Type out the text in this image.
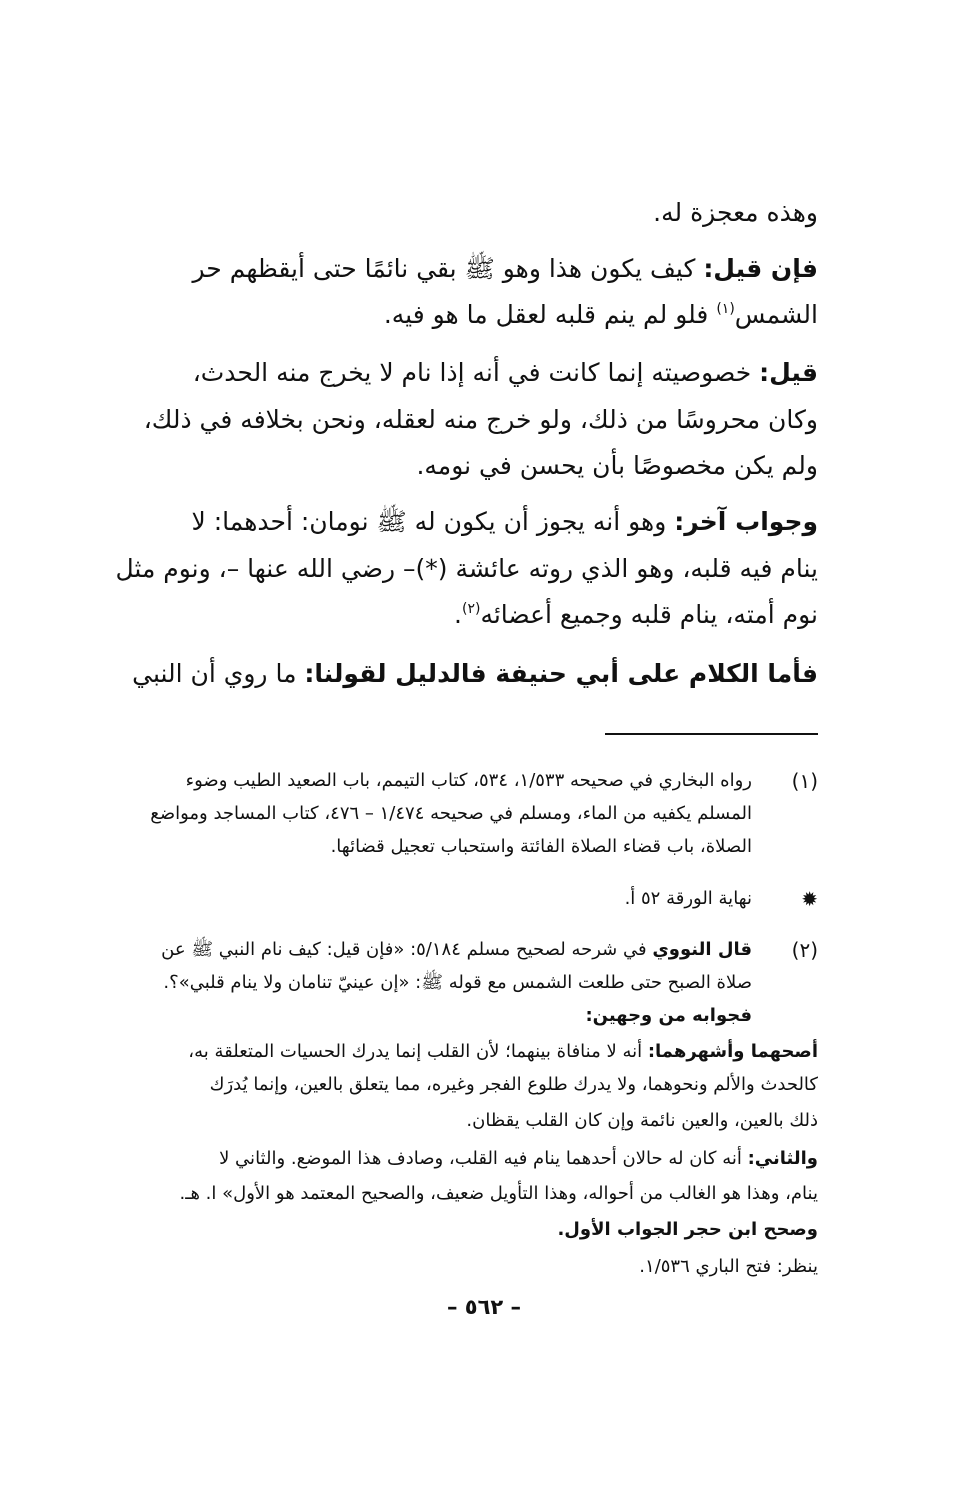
وهذه معجزة له.
فإن قيل: كيف يكون هذا وهو ﷺ بقي نائمًا حتى أيقظهم حر
الشمس$^{(١)}$ فلو لم ينم قلبه لعقل ما هو فيه.
قيل: خصوصيته إنما كانت في أنه إذا نام لا يخرج منه الحدث،
وكان محروسًا من ذلك، ولو خرج منه لعقله، ونحن بخلافه في ذلك،
ولم يكن مخصوصًا بأن يحسن في نومه.
وجواب آخر: وهو أنه يجوز أن يكون له ﷺ نومان: أحدهما: لا
ينام فيه قلبه، وهو الذي روته عائشة (*)– رضي الله عنها –، ونوم مثل
نوم أمته، ينام قلبه وجميع أعضائه$^{(٢)}$.
فأما الكلام على أبي حنيفة فالدليل لقولنا: ما روي أن النبي
(١)
رواه البخاري في صحيحه ١/٥٣٣، ٥٣٤، كتاب التيمم، باب الصعيد الطيب وضوء
المسلم يكفيه من الماء، ومسلم في صحيحه ١/٤٧٤ – ٤٧٦، كتاب المساجد ومواضع
الصلاة، باب قضاء الصلاة الفائتة واستحباب تعجيل قضائها.
✹
نهاية الورقة ٥٢ أ.
(٢)
قال النووي في شرحه لصحيح مسلم ٥/١٨٤: «فإن قيل: كيف نام النبي ﷺ عن
صلاة الصبح حتى طلعت الشمس مع قوله ﷺ: «إن عينيّ تنامان ولا ينام قلبي»؟.
فجوابه من وجهين:
أصحهما وأشهرهما: أنه لا منافاة بينهما؛ لأن القلب إنما يدرك الحسيات المتعلقة به،
كالحدث والألم ونحوهما، ولا يدرك طلوع الفجر وغيره، مما يتعلق بالعين، وإنما يُدرَك
ذلك بالعين، والعين نائمة وإن كان القلب يقظان.
والثاني: أنه كان له حالان أحدهما ينام فيه القلب، وصادف هذا الموضع. والثاني لا
ينام، وهذا هو الغالب من أحواله، وهذا التأويل ضعيف، والصحيح المعتمد هو الأول» ا. هـ.
وصحح ابن حجر الجواب الأول.
ينظر: فتح الباري ١/٥٣٦.
– ٥٦٢ –
